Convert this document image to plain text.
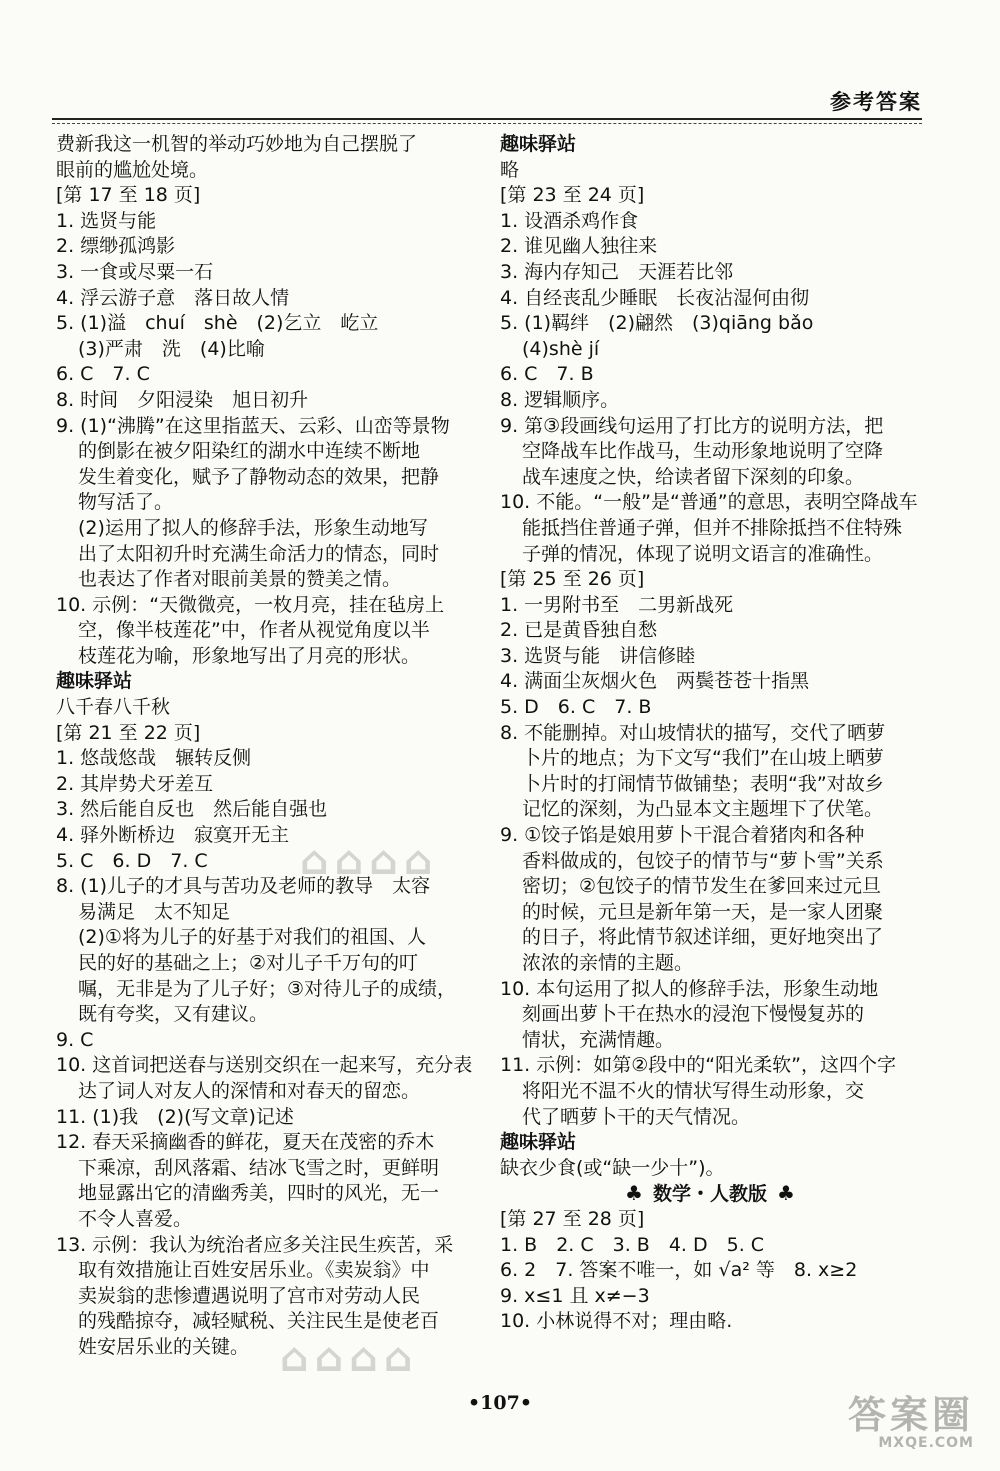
参考答案
费新我这一机智的举动巧妙地为自己摆脱了
眼前的尴尬处境。
[第 17 至 18 页]
1. 选贤与能
2. 缥缈孤鸿影
3. 一食或尽粟一石
4. 浮云游子意　落日故人情
5. (1)溢　chuí　shè　(2)乞立　屹立
(3)严肃　洗　(4)比喻
6. C　7. C
8. 时间　夕阳浸染　旭日初升
9. (1)“沸腾”在这里指蓝天、云彩、山峦等景物
的倒影在被夕阳染红的湖水中连续不断地
发生着变化，赋予了静物动态的效果，把静
物写活了。
(2)运用了拟人的修辞手法，形象生动地写
出了太阳初升时充满生命活力的情态，同时
也表达了作者对眼前美景的赞美之情。
10. 示例：“天微微亮，一枚月亮，挂在毡房上
空，像半枝莲花”中，作者从视觉角度以半
枝莲花为喻，形象地写出了月亮的形状。
趣味驿站
八千春八千秋
[第 21 至 22 页]
1. 悠哉悠哉　辗转反侧
2. 其岸势犬牙差互
3. 然后能自反也　然后能自强也
4. 驿外断桥边　寂寞开无主
5. C　6. D　7. C
8. (1)儿子的才具与苦功及老师的教导　太容
易满足　太不知足
(2)①将为儿子的好基于对我们的祖国、人
民的好的基础之上；②对儿子千万句的叮
嘱，无非是为了儿子好；③对待儿子的成绩，
既有夸奖，又有建议。
9. C
10. 这首词把送春与送别交织在一起来写，充分表
达了词人对友人的深情和对春天的留恋。
11. (1)我　(2)(写文章)记述
12. 春天采摘幽香的鲜花，夏天在茂密的乔木
下乘凉，刮风落霜、结冰飞雪之时，更鲜明
地显露出它的清幽秀美，四时的风光，无一
不令人喜爱。
13. 示例：我认为统治者应多关注民生疾苦，采
取有效措施让百姓安居乐业。《卖炭翁》中
卖炭翁的悲惨遭遇说明了宫市对劳动人民
的残酷掠夺，减轻赋税、关注民生是使老百
姓安居乐业的关键。
趣味驿站
略
[第 23 至 24 页]
1. 设酒杀鸡作食
2. 谁见幽人独往来
3. 海内存知己　天涯若比邻
4. 自经丧乱少睡眠　长夜沾湿何由彻
5. (1)羁绊　(2)翩然　(3)qiāng bǎo
(4)shè jí
6. C　7. B
8. 逻辑顺序。
9. 第③段画线句运用了打比方的说明方法，把
空降战车比作战马，生动形象地说明了空降
战车速度之快，给读者留下深刻的印象。
10. 不能。“一般”是“普通”的意思，表明空降战车
能抵挡住普通子弹，但并不排除抵挡不住特殊
子弹的情况，体现了说明文语言的准确性。
[第 25 至 26 页]
1. 一男附书至　二男新战死
2. 已是黄昏独自愁
3. 选贤与能　讲信修睦
4. 满面尘灰烟火色　两鬓苍苍十指黑
5. D　6. C　7. B
8. 不能删掉。对山坡情状的描写，交代了晒萝
卜片的地点；为下文写“我们”在山坡上晒萝
卜片时的打闹情节做铺垫；表明“我”对故乡
记忆的深刻，为凸显本文主题埋下了伏笔。
9. ①饺子馅是娘用萝卜干混合着猪肉和各种
香料做成的，包饺子的情节与“萝卜雪”关系
密切；②包饺子的情节发生在爹回来过元旦
的时候，元旦是新年第一天，是一家人团聚
的日子，将此情节叙述详细，更好地突出了
浓浓的亲情的主题。
10. 本句运用了拟人的修辞手法，形象生动地
刻画出萝卜干在热水的浸泡下慢慢复苏的
情状，充满情趣。
11. 示例：如第②段中的“阳光柔软”，这四个字
将阳光不温不火的情状写得生动形象，交
代了晒萝卜干的天气情况。
趣味驿站
缺衣少食(或“缺一少十”)。
♣ 数学・人教版 ♣
[第 27 至 28 页]
1. B　2. C　3. B　4. D　5. C
6. 2　7. 答案不唯一，如 √a² 等　8. x≥2
9. x≤1 且 x≠−3
10. 小林说得不对；理由略.
•107•
⌂⌂⌂⌂
⌂⌂⌂⌂
答案圈
MXQE.COM
